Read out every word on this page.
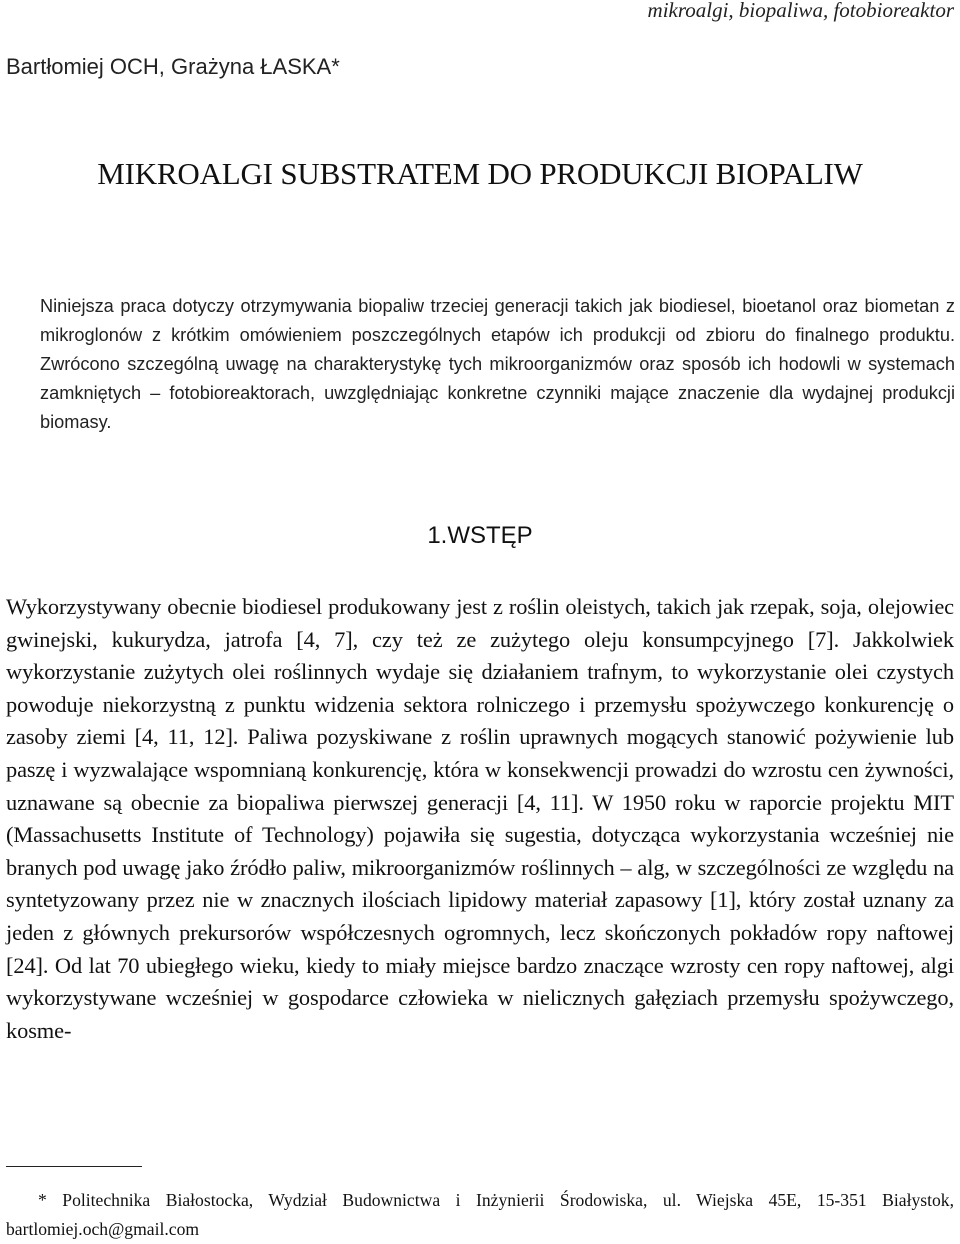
mikroalgi, biopaliwa, fotobioreaktor
Bartłomiej OCH, Grażyna ŁASKA*
MIKROALGI SUBSTRATEM DO PRODUKCJI BIOPALIW

Niniejsza praca dotyczy otrzymywania biopaliw trzeciej generacji takich jak biodiesel, bioetanol oraz biometan z mikroglonów z krótkim omówieniem poszczególnych etapów ich produkcji od zbioru do finalnego produktu. Zwrócono szczególną uwagę na charakterystykę tych mikroorganizmów oraz sposób ich hodowli w systemach zamkniętych – fotobioreaktorach, uwzględniając konkretne czynniki mające znaczenie dla wydajnej produkcji biomasy.

1.WSTĘP

Wykorzystywany obecnie biodiesel produkowany jest z roślin oleistych, takich jak rzepak, soja, olejowiec gwinejski, kukurydza, jatrofa [4, 7], czy też ze zużytego oleju konsumpcyjnego [7]. Jakkolwiek wykorzystanie zużytych olei roślinnych wydaje się działaniem trafnym, to wykorzystanie olei czystych powoduje niekorzystną z punktu widzenia sektora rolniczego i przemysłu spożywczego konkurencję o zasoby ziemi [4, 11, 12]. Paliwa pozyskiwane z roślin uprawnych mogących stanowić pożywienie lub paszę i wyzwalające wspomnianą konkurencję, która w konsekwencji prowadzi do wzrostu cen żywności, uznawane są obecnie za biopaliwa pierwszej generacji [4, 11]. W 1950 roku w raporcie projektu MIT (Massachusetts Institute of Technology) pojawiła się sugestia, dotycząca wykorzystania wcześniej nie branych pod uwagę jako źródło paliw, mikroorganizmów roślinnych – alg, w szczególności ze względu na syntetyzowany przez nie w znacznych ilościach lipidowy materiał zapasowy [1], który został uznany za jeden z głównych prekursorów współczesnych ogromnych, lecz skończonych pokładów ropy naftowej [24]. Od lat 70 ubiegłego wieku, kiedy to miały miejsce bardzo znaczące wzrosty cen ropy naftowej, algi wykorzystywane wcześniej w gospodarce człowieka w nielicznych gałęziach przemysłu spożywczego, kosme-

* Politechnika Białostocka, Wydział Budownictwa i Inżynierii Środowiska, ul. Wiejska 45E, 15-351 Białystok, bartlomiej.och@gmail.com
